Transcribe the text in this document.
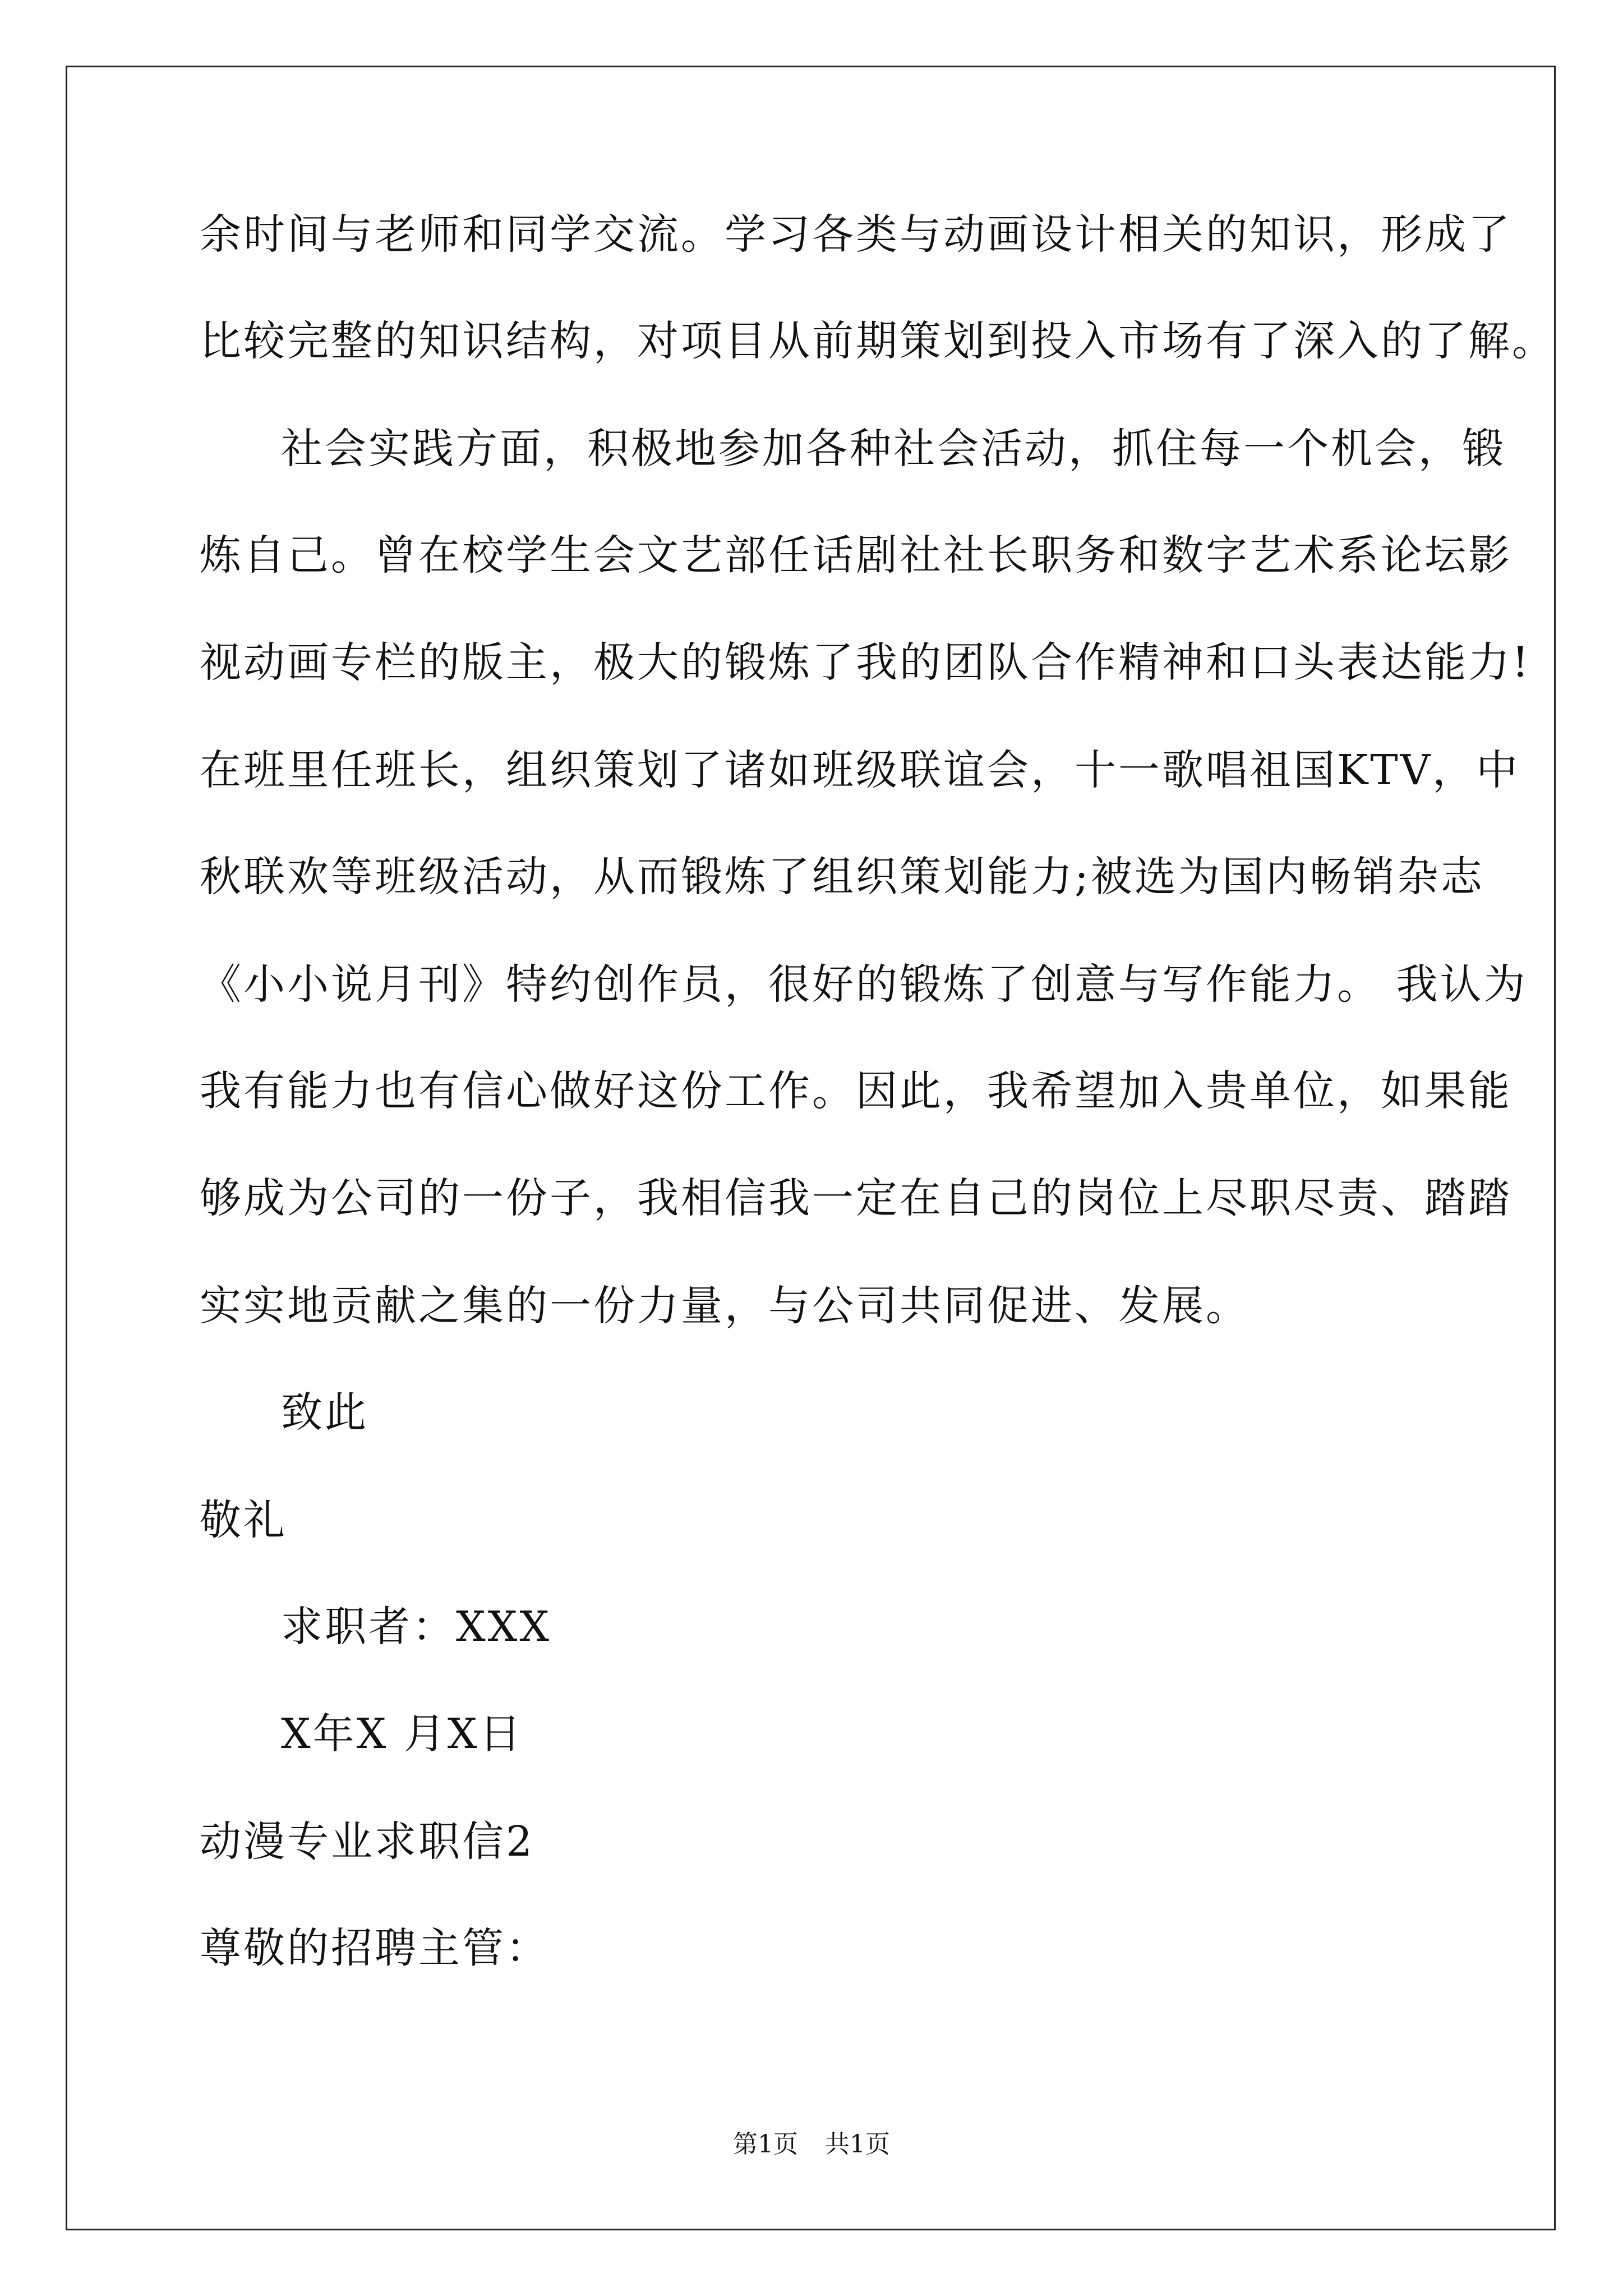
余时间与老师和同学交流。学习各类与动画设计相关的知识，形成了
比较完整的知识结构，对项目从前期策划到投入市场有了深入的了解。
社会实践方面，积极地参加各种社会活动，抓住每一个机会，锻
炼自己。曾在校学生会文艺部任话剧社社长职务和数字艺术系论坛影
视动画专栏的版主，极大的锻炼了我的团队合作精神和口头表达能力!
在班里任班长，组织策划了诸如班级联谊会，十一歌唱祖国KTV，中
秋联欢等班级活动，从而锻炼了组织策划能力;被选为国内畅销杂志
《小小说月刊》特约创作员，很好的锻炼了创意与写作能力。 我认为
我有能力也有信心做好这份工作。因此，我希望加入贵单位，如果能
够成为公司的一份子，我相信我一定在自己的岗位上尽职尽责、踏踏
实实地贡献之集的一份力量，与公司共同促进、发展。
致此
敬礼
求职者：XXX
X年X 月X日
动漫专业求职信2
尊敬的招聘主管：
第1页 共1页
